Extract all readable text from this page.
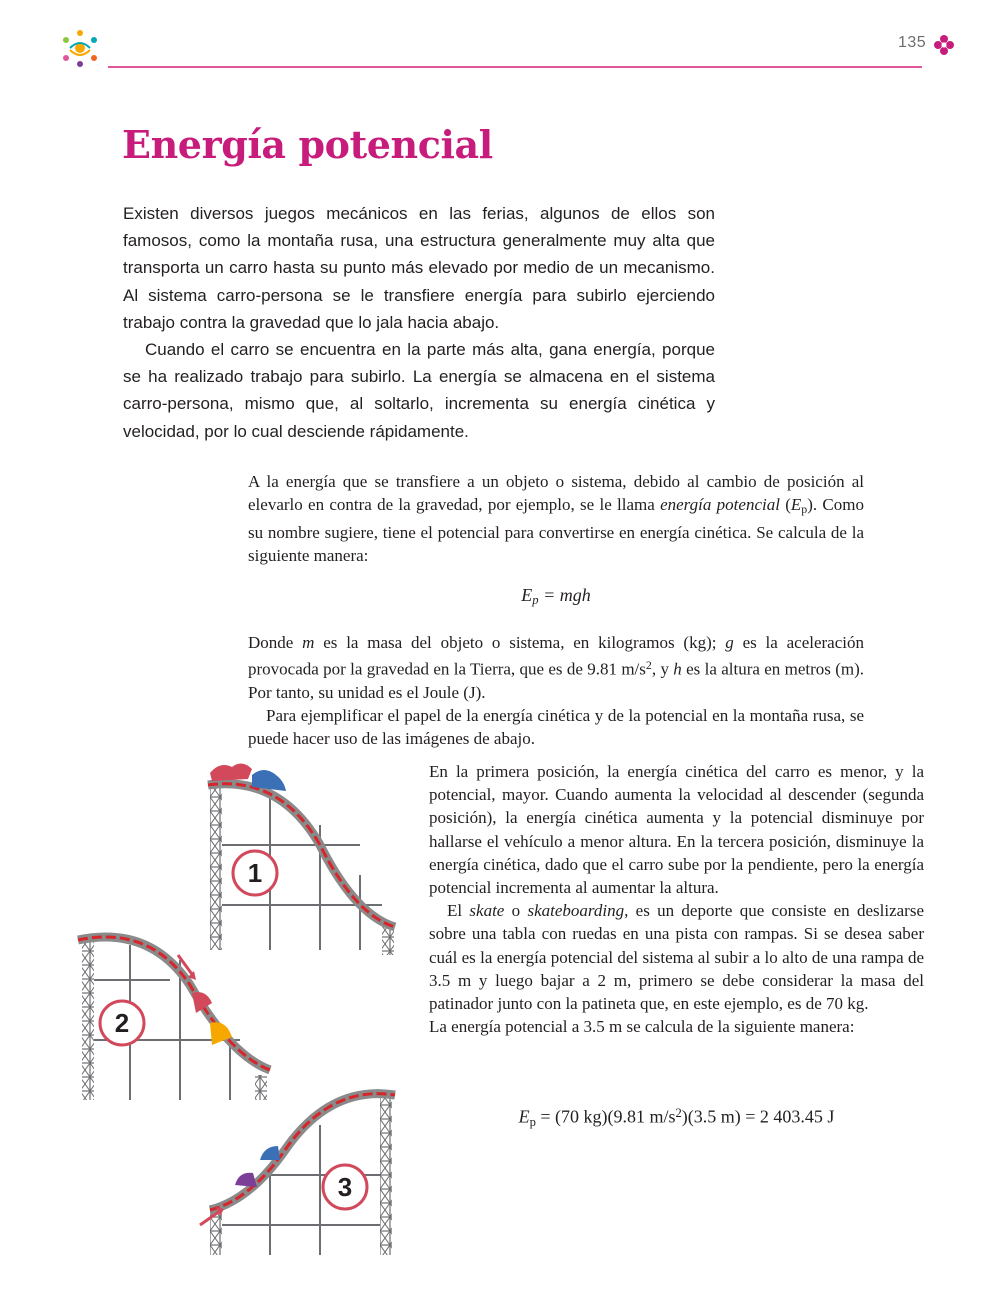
135
Energía potencial

Existen diversos juegos mecánicos en las ferias, algunos de ellos son famosos, como la montaña rusa, una estructura generalmente muy alta que transporta un carro hasta su punto más elevado por medio de un mecanismo. Al sistema carro-persona se le transfiere energía para subirlo ejerciendo trabajo contra la gravedad que lo jala hacia abajo.

Cuando el carro se encuentra en la parte más alta, gana energía, porque se ha realizado trabajo para subirlo. La energía se almacena en el sistema carro-persona, mismo que, al soltarlo, incrementa su energía cinética y velocidad, por lo cual desciende rápidamente.

A la energía que se transfiere a un objeto o sistema, debido al cambio de posición al elevarlo en contra de la gravedad, por ejemplo, se le llama energía potencial $(E_p)$. Como su nombre sugiere, tiene el potencial para convertirse en energía cinética. Se calcula de la siguiente manera:

$E_p$ = mgh

Donde m es la masa del objeto o sistema, en kilogramos (kg); g es la aceleración provocada por la gravedad en la Tierra, que es de 9.81 $m/s^2$, y h es la altura en metros (m). Por tanto, su unidad es el Joule (J).

Para ejemplificar el papel de la energía cinética y de la potencial en la montaña rusa, se puede hacer uso de las imágenes de abajo.

En la primera posición, la energía cinética del carro es menor, y la potencial, mayor. Cuando aumenta la velocidad al descender (segunda posición), la energía cinética aumenta y la potencial disminuye por hallarse el vehículo a menor altura. En la tercera posición, disminuye la energía cinética, dado que el carro sube por la pendiente, pero la energía potencial incrementa al aumentar la altura.

El skate o skateboarding, es un deporte que consiste en deslizarse sobre una tabla con ruedas en una pista con rampas. Si se desea saber cuál es la energía potencial del sistema al subir a lo alto de una rampa de 3.5 m y luego bajar a 2 m, primero se debe considerar la masa del patinador junto con la patineta que, en este ejemplo, es de 70 kg.

La energía potencial a 3.5 m se calcula de la siguiente manera:

$E_p = (70$ kg)(9.81 $m/s^2)(3.5$ m) = 2 403.45 J
1
2
3
